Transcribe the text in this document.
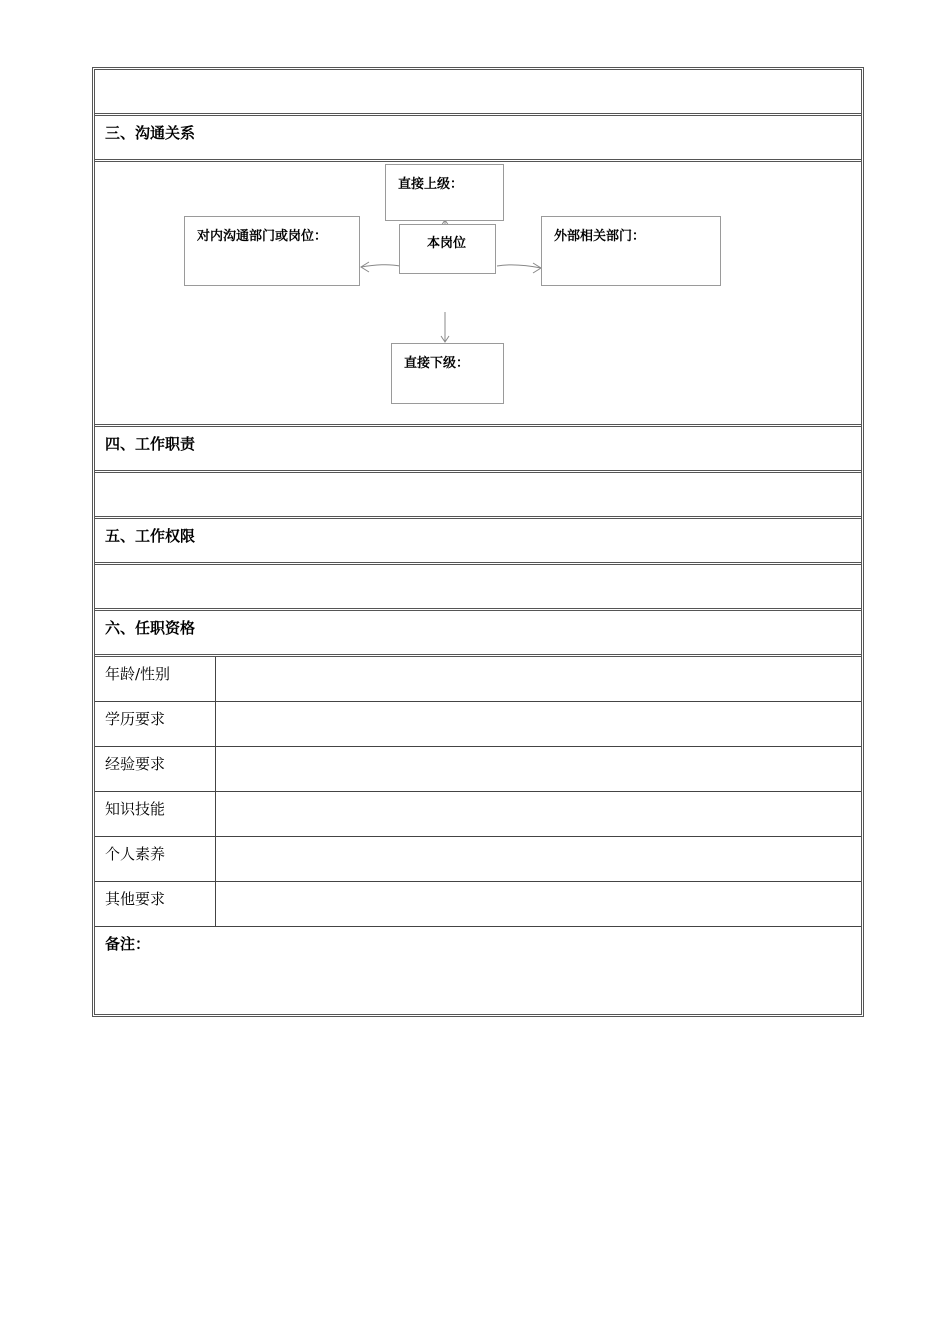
三、沟通关系
直接上级：
对内沟通部门或岗位：	本岗位	外部相关部门：
直接下级：
四、工作职责
五、工作权限
六、任职资格
年龄/性别
学历要求
经验要求
知识技能
个人素养
其他要求
备注：
